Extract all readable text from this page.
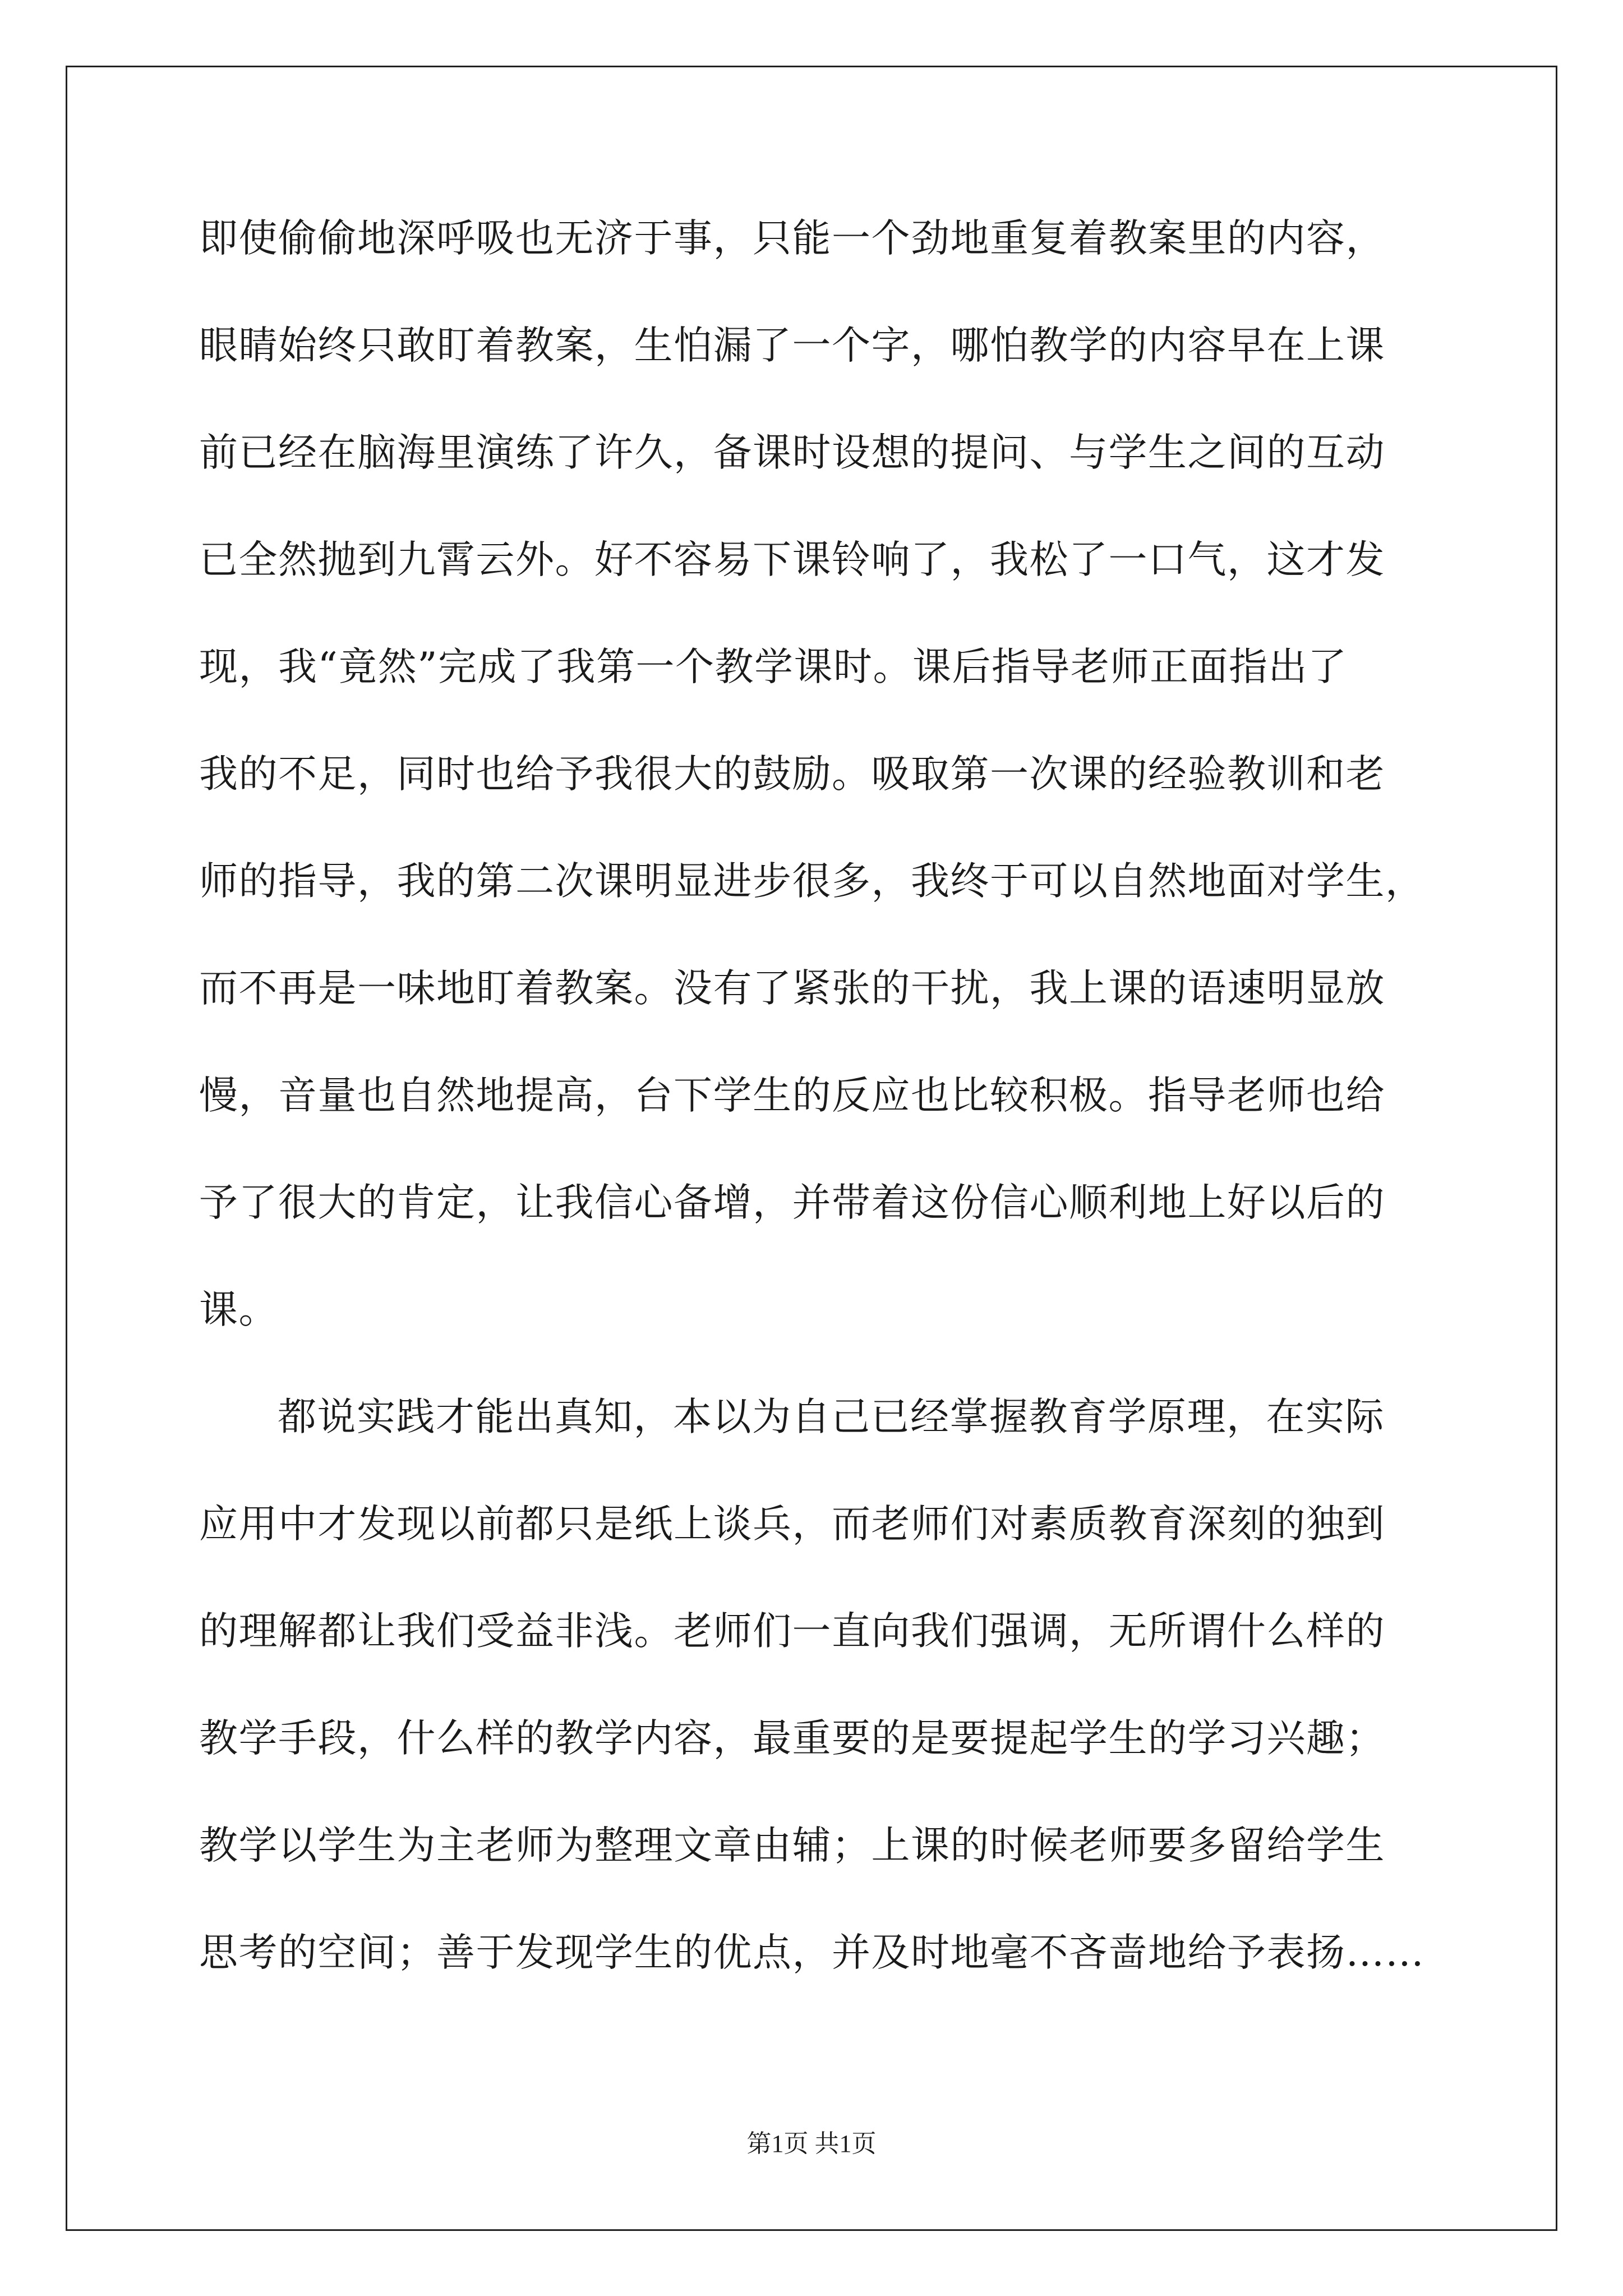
即使偷偷地深呼吸也无济于事，只能一个劲地重复着教案里的内容，
眼睛始终只敢盯着教案，生怕漏了一个字，哪怕教学的内容早在上课
前已经在脑海里演练了许久，备课时设想的提问、与学生之间的互动
已全然抛到九霄云外。好不容易下课铃响了，我松了一口气，这才发
现，我“竟然”完成了我第一个教学课时。课后指导老师正面指出了
我的不足，同时也给予我很大的鼓励。吸取第一次课的经验教训和老
师的指导，我的第二次课明显进步很多，我终于可以自然地面对学生，
而不再是一味地盯着教案。没有了紧张的干扰，我上课的语速明显放
慢，音量也自然地提高，台下学生的反应也比较积极。指导老师也给
予了很大的肯定，让我信心备增，并带着这份信心顺利地上好以后的
课。
都说实践才能出真知，本以为自己已经掌握教育学原理，在实际
应用中才发现以前都只是纸上谈兵，而老师们对素质教育深刻的独到
的理解都让我们受益非浅。老师们一直向我们强调，无所谓什么样的
教学手段，什么样的教学内容，最重要的是要提起学生的学习兴趣；
教学以学生为主老师为整理文章由辅；上课的时候老师要多留给学生
思考的空间；善于发现学生的优点，并及时地毫不吝啬地给予表扬……
第1页 共1页
